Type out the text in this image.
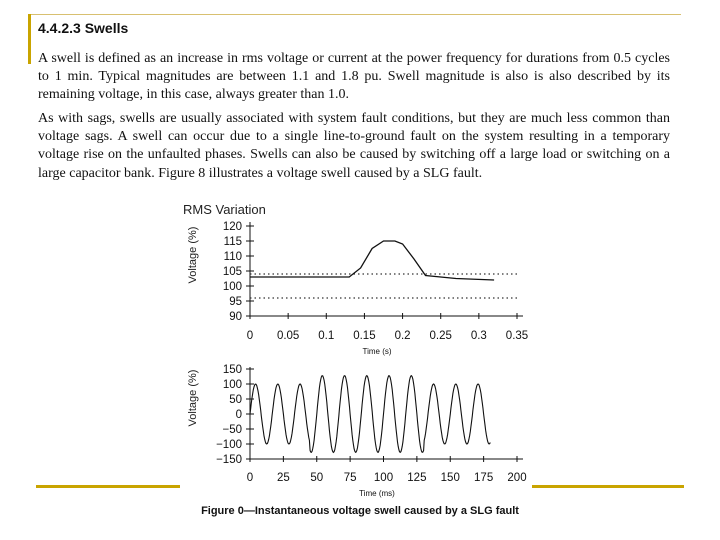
4.4.2.3 Swells
A swell is defined as an increase in rms voltage or current at the power frequency for durations from 0.5 cycles to 1 min. Typical magnitudes are between 1.1 and 1.8 pu. Swell magnitude is also is also described by its remaining voltage, in this case, always greater than 1.0.
As with sags, swells are usually associated with system fault conditions, but they are much less common than voltage sags. A swell can occur due to a single line-to-ground fault on the system resulting in a temporary voltage rise on the unfaulted phases. Swells can also be caused by switching off a large load or switching on a large capacitor bank. Figure 8 illustrates a voltage swell caused by a SLG fault.
RMS Variation
120
115
110
105
100
95
90
0 0.05 0.1 0.15 0.2 0.25 0.3 0.35
Time (s)
Voltage (%)
150
100
50
0
−50
−100
−150
0 25 50 75 100 125 150 175 200
Time (ms)
Voltage (%)
Figure 0—Instantaneous voltage swell caused by a SLG fault
